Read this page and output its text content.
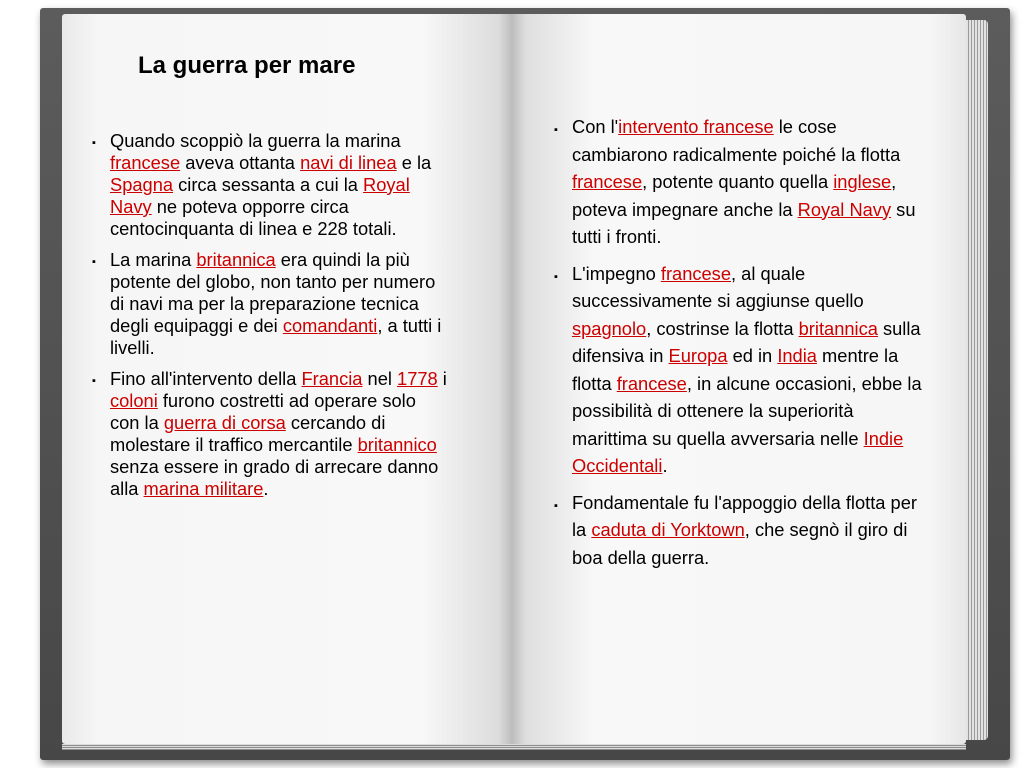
La guerra per mare
▪ Quando scoppiò la guerra la marina francese aveva ottanta navi di linea e la Spagna circa sessanta a cui la Royal Navy ne poteva opporre circa centocinquanta di linea e 228 totali.
▪ La marina britannica era quindi la più potente del globo, non tanto per numero di navi ma per la preparazione tecnica degli equipaggi e dei comandanti, a tutti i livelli.
▪ Fino all'intervento della Francia nel 1778 i coloni furono costretti ad operare solo con la guerra di corsa cercando di molestare il traffico mercantile britannico senza essere in grado di arrecare danno alla marina militare.
▪ Con l'intervento francese le cose cambiarono radicalmente poiché la flotta francese, potente quanto quella inglese, poteva impegnare anche la Royal Navy su tutti i fronti.
▪ L'impegno francese, al quale successivamente si aggiunse quello spagnolo, costrinse la flotta britannica sulla difensiva in Europa ed in India mentre la flotta francese, in alcune occasioni, ebbe la possibilità di ottenere la superiorità marittima su quella avversaria nelle Indie Occidentali.
▪ Fondamentale fu l'appoggio della flotta per la caduta di Yorktown, che segnò il giro di boa della guerra.
